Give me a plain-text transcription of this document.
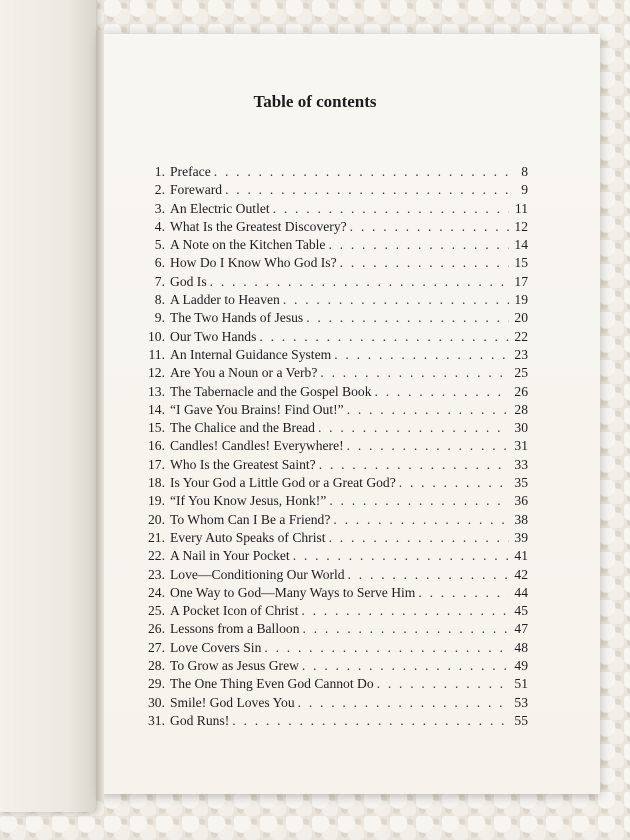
Table of contents
1. Preface . . .	8
2. Foreward . . .	9
3. An Electric Outlet . . .	11
4. What Is the Greatest Discovery? . . .	12
5. A Note on the Kitchen Table . . .	14
6. How Do I Know Who God Is? . . .	15
7. God Is . . .	17
8. A Ladder to Heaven . . .	19
9. The Two Hands of Jesus . . .	20
10. Our Two Hands . . .	22
11. An Internal Guidance System . . .	23
12. Are You a Noun or a Verb? . . .	25
13. The Tabernacle and the Gospel Book . . .	26
14. “I Gave You Brains! Find Out!” . . .	28
15. The Chalice and the Bread . . .	30
16. Candles! Candles! Everywhere! . . .	31
17. Who Is the Greatest Saint? . . .	33
18. Is Your God a Little God or a Great God? . . .	35
19. “If You Know Jesus, Honk!” . . .	36
20. To Whom Can I Be a Friend? . . .	38
21. Every Auto Speaks of Christ . . .	39
22. A Nail in Your Pocket . . .	41
23. Love—Conditioning Our World . . .	42
24. One Way to God—Many Ways to Serve Him . . .	44
25. A Pocket Icon of Christ . . .	45
26. Lessons from a Balloon . . .	47
27. Love Covers Sin . . .	48
28. To Grow as Jesus Grew . . .	49
29. The One Thing Even God Cannot Do . . .	51
30. Smile! God Loves You . . .	53
31. God Runs! . . .	55
